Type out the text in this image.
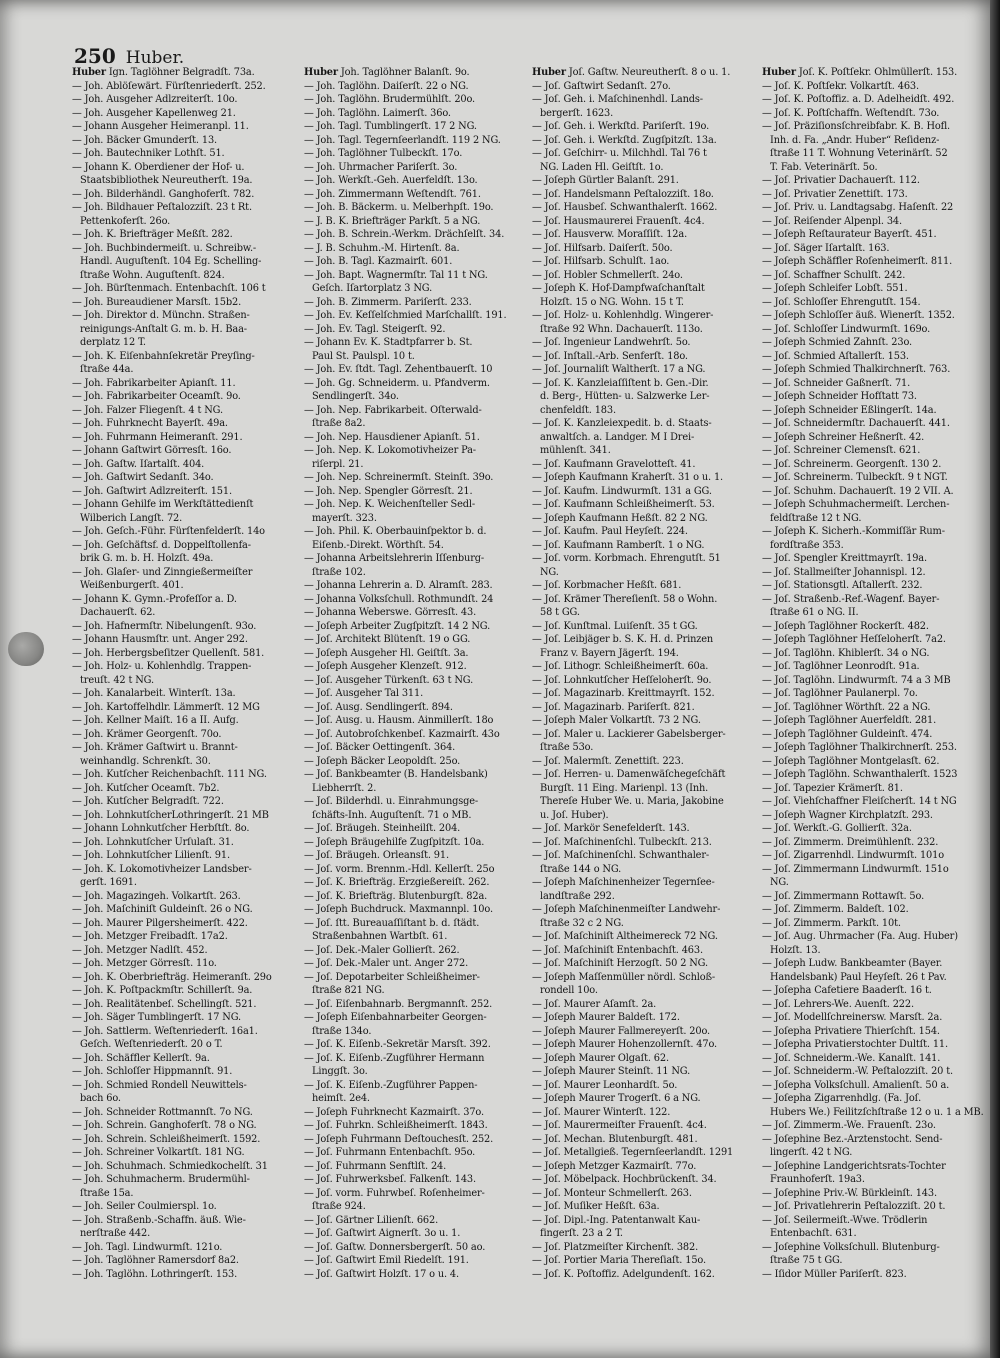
250 Huber.
Huber Ign. Taglöhner Belgradſt. 73a.
— Joh. Ablöſewärt. Fürſtenriederſt. 252.
— Joh. Ausgeher Adlzreiterſt. 10o.
— Joh. Ausgeher Kapellenweg 21.
— Johann Ausgeher Heimeranpl. 11.
— Joh. Bäcker Gmunderſt. 13.
— Joh. Bautechniker Lothſt. 51.
— Johann K. Oberdiener der Hof- u.
Staatsbibliothek Neureutherſt. 19a.
— Joh. Bilderhändl. Ganghoferſt. 782.
— Joh. Bildhauer Peſtalozziſt. 23 t Rt.
Pettenkoferſt. 26o.
— Joh. K. Briefträger Meßſt. 282.
— Joh. Buchbindermeiſt. u. Schreibw.-
Handl. Auguſtenſt. 104 Eg. Schelling-
ſtraße Wohn. Auguſtenſt. 824.
— Joh. Bürſtenmach. Entenbachſt. 106 t
— Joh. Bureaudiener Marsſt. 15b2.
— Joh. Direktor d. Münchn. Straßen-
reinigungs-Anſtalt G. m. b. H. Baa-
derplatz 12 T.
— Joh. K. Eiſenbahnſekretär Preyſing-
ſtraße 44a.
— Joh. Fabrikarbeiter Apianſt. 11.
— Joh. Fabrikarbeiter Oceamſt. 9o.
— Joh. Falzer Fliegenſt. 4 t NG.
— Joh. Fuhrknecht Bayerſt. 49a.
— Joh. Fuhrmann Heimeranſt. 291.
— Johann Gaſtwirt Görresſt. 16o.
— Joh. Gaſtw. Iſartalſt. 404.
— Joh. Gaſtwirt Sedanſt. 34o.
— Joh. Gaſtwirt Adlzreiterſt. 151.
— Johann Gehilfe im Werkſtättedienſt
Wilberich Langſt. 72.
— Joh. Geſch.-Führ. Fürſtenfelderſt. 14o
— Joh. Geſchäftsf. d. Doppelſtollenfa-
brik G. m. b. H. Holzſt. 49a.
— Joh. Glaſer- und Zinngießermeiſter
Weißenburgerſt. 401.
— Johann K. Gymn.-Profeſſor a. D.
Dachauerſt. 62.
— Joh. Hafnermſtr. Nibelungenſt. 93o.
— Johann Hausmſtr. unt. Anger 292.
— Joh. Herbergsbeſitzer Quellenſt. 581.
— Joh. Holz- u. Kohlenhdlg. Trappen-
treuſt. 42 t NG.
— Joh. Kanalarbeit. Winterſt. 13a.
— Joh. Kartoffelhdlr. Lämmerſt. 12 MG
— Joh. Kellner Maiſt. 16 a II. Aufg.
— Joh. Krämer Georgenſt. 70o.
— Joh. Krämer Gaſtwirt u. Brannt-
weinhandlg. Schrenkſt. 30.
— Joh. Kutſcher Reichenbachſt. 111 NG.
— Joh. Kutſcher Oceamſt. 7b2.
— Joh. Kutſcher Belgradſt. 722.
— Joh. LohnkutſcherLothringerſt. 21 MB
— Johann Lohnkutſcher Herbſtſt. 8o.
— Joh. Lohnkutſcher Urſulaſt. 31.
— Joh. Lohnkutſcher Lilienſt. 91.
— Joh. K. Lokomotivheizer Landsber-
gerſt. 1691.
— Joh. Magazingeh. Volkartſt. 263.
— Joh. Maſchiniſt Guldeinſt. 26 o NG.
— Joh. Maurer Pilgersheimerſt. 422.
— Joh. Metzger Freibadſt. 17a2.
— Joh. Metzger Nadlſt. 452.
— Joh. Metzger Görresſt. 11o.
— Joh. K. Oberbriefträg. Heimeranſt. 29o
— Joh. K. Poſtpackmſtr. Schillerſt. 9a.
— Joh. Realitätenbeſ. Schellingſt. 521.
— Joh. Säger Tumblingerſt. 17 NG.
— Joh. Sattlerm. Weſtenriederſt. 16a1.
Geſch. Weſtenriederſt. 20 o T.
— Joh. Schäffler Kellerſt. 9a.
— Joh. Schloſſer Hippmannſt. 91.
— Joh. Schmied Rondell Neuwittels-
bach 6o.
— Joh. Schneider Rottmannſt. 7o NG.
— Joh. Schrein. Ganghoferſt. 78 o NG.
— Joh. Schrein. Schleißheimerſt. 1592.
— Joh. Schreiner Volkartſt. 181 NG.
— Joh. Schuhmach. Schmiedkochelſt. 31
— Joh. Schuhmacherm. Brudermühl-
ſtraße 15a.
— Joh. Seiler Coulmierspl. 1o.
— Joh. Straßenb.-Schaffn. äuß. Wie-
nerſtraße 442.
— Joh. Tagl. Lindwurmſt. 121o.
— Joh. Taglöhner Ramersdorf 8a2.
— Joh. Taglöhn. Lothringerſt. 153.
Huber Joh. Taglöhner Balanſt. 9o.
— Joh. Taglöhn. Daiſerſt. 22 o NG.
— Joh. Taglöhn. Brudermühlſt. 20o.
— Joh. Taglöhn. Laimerſt. 36o.
— Joh. Tagl. Tumblingerſt. 17 2 NG.
— Joh. Tagl. Tegernſeerlandſt. 119 2 NG.
— Joh. Taglöhner Tulbeckſt. 17o.
— Joh. Uhrmacher Pariſerſt. 3o.
— Joh. Werkſt.-Geh. Auerfeldſt. 13o.
— Joh. Zimmermann Weſtendſt. 761.
— Joh. B. Bäckerm. u. Melberhpſt. 19o.
— J. B. K. Briefträger Parkſt. 5 a NG.
— Joh. B. Schrein.-Werkm. Drächſelſt. 34.
— J. B. Schuhm.-M. Hirtenſt. 8a.
— Joh. B. Tagl. Kazmairſt. 601.
— Joh. Bapt. Wagnermſtr. Tal 11 t NG.
Geſch. Iſartorplatz 3 NG.
— Joh. B. Zimmerm. Pariſerſt. 233.
— Joh. Ev. Keſſelſchmied Marſchallſt. 191.
— Joh. Ev. Tagl. Steigerſt. 92.
— Johann Ev. K. Stadtpfarrer b. St.
Paul St. Paulspl. 10 t.
— Joh. Ev. ſtdt. Tagl. Zehentbauerſt. 10
— Joh. Gg. Schneiderm. u. Pfandverm.
Sendlingerſt. 34o.
— Joh. Nep. Fabrikarbeit. Oſterwald-
ſtraße 8a2.
— Joh. Nep. Hausdiener Apianſt. 51.
— Joh. Nep. K. Lokomotivheizer Pa-
riſerpl. 21.
— Joh. Nep. Schreinermſt. Steinſt. 39o.
— Joh. Nep. Spengler Görresſt. 21.
— Joh. Nep. K. Weichenſteller Sedl-
mayerſt. 323.
— Joh. Phil. K. Oberbauinſpektor b. d.
Eiſenb.-Direkt. Wörthſt. 54.
— Johanna Arbeitslehrerin Iſſenburg-
ſtraße 102.
— Johanna Lehrerin a. D. Alramſt. 283.
— Johanna Volksſchull. Rothmundſt. 24
— Johanna Weberswe. Görresſt. 43.
— Joſeph Arbeiter Zugſpitzſt. 14 2 NG.
— Joſ. Architekt Blütenſt. 19 o GG.
— Joſeph Ausgeher Hl. Geiſtſt. 3a.
— Joſeph Ausgeher Klenzeſt. 912.
— Joſ. Ausgeher Türkenſt. 63 t NG.
— Joſ. Ausgeher Tal 311.
— Joſ. Ausg. Sendlingerſt. 894.
— Joſ. Ausg. u. Hausm. Ainmillerſt. 18o
— Joſ. Autobroſchkenbeſ. Kazmairſt. 43o
— Joſ. Bäcker Oettingenſt. 364.
— Joſeph Bäcker Leopoldſt. 25o.
— Joſ. Bankbeamter (B. Handelsbank)
Liebherrſt. 2.
— Joſ. Bilderhdl. u. Einrahmungsge-
ſchäfts-Inh. Auguſtenſt. 71 o MB.
— Joſ. Bräugeh. Steinheilſt. 204.
— Joſeph Bräugehilfe Zugſpitzſt. 10a.
— Joſ. Bräugeh. Orleansſt. 91.
— Joſ. vorm. Brennm.-Hdl. Kellerſt. 25o
— Joſ. K. Briefträg. Erzgießereiſt. 262.
— Joſ. K. Briefträg. Blutenburgſt. 82a.
— Joſeph Buchdruck. Maxmannpl. 10o.
— Joſ. ſtt. Bureauaſſiſtant b. d. ſtädt.
Straßenbahnen Wartbſt. 61.
— Joſ. Dek.-Maler Gollierſt. 262.
— Joſ. Dek.-Maler unt. Anger 272.
— Joſ. Depotarbeiter Schleißheimer-
ſtraße 821 NG.
— Joſ. Eiſenbahnarb. Bergmannſt. 252.
— Joſeph Eiſenbahnarbeiter Georgen-
ſtraße 134o.
— Joſ. K. Eiſenb.-Sekretär Marsſt. 392.
— Joſ. K. Eiſenb.-Zugführer Hermann
Linggſt. 3o.
— Joſ. K. Eiſenb.-Zugführer Pappen-
heimſt. 2e4.
— Joſeph Fuhrknecht Kazmairſt. 37o.
— Joſ. Fuhrkn. Schleißheimerſt. 1843.
— Joſeph Fuhrmann Deſtouchesſt. 252.
— Joſ. Fuhrmann Entenbachſt. 95o.
— Joſ. Fuhrmann Senftlſt. 24.
— Joſ. Fuhrwerksbeſ. Falkenſt. 143.
— Joſ. vorm. Fuhrwbeſ. Roſenheimer-
ſtraße 924.
— Joſ. Gärtner Lilienſt. 662.
— Joſ. Gaſtwirt Aignerſt. 3o u. 1.
— Joſ. Gaſtw. Donnersbergerſt. 50 ao.
— Joſ. Gaſtwirt Emil Riedelſt. 191.
— Joſ. Gaſtwirt Holzſt. 17 o u. 4.
Huber Joſ. Gaſtw. Neureutherſt. 8 o u. 1.
— Joſ. Gaſtwirt Sedanſt. 27o.
— Joſ. Geh. i. Maſchinenhdl. Lands-
bergerſt. 1623.
— Joſ. Geh. i. Werkſtd. Pariſerſt. 19o.
— Joſ. Geh. i. Werkſtd. Zugſpitzſt. 13a.
— Joſ. Geſchirr- u. Milchhdl. Tal 76 t
NG. Laden Hl. Geiſtſt. 1o.
— Joſeph Gürtler Balanſt. 291.
— Joſ. Handelsmann Peſtalozziſt. 18o.
— Joſ. Hausbeſ. Schwanthalerſt. 1662.
— Joſ. Hausmaurerei Frauenſt. 4c4.
— Joſ. Hausverw. Moraſſiſt. 12a.
— Joſ. Hilfsarb. Daiſerſt. 50o.
— Joſ. Hilfsarb. Schulſt. 1ao.
— Joſ. Hobler Schmellerſt. 24o.
— Joſeph K. Hof-Dampfwaſchanſtalt
Holzſt. 15 o NG. Wohn. 15 t T.
— Joſ. Holz- u. Kohlenhdlg. Wingerer-
ſtraße 92 Whn. Dachauerſt. 113o.
— Joſ. Ingenieur Landwehrſt. 5o.
— Joſ. Inſtall.-Arb. Senferſt. 18o.
— Joſ. Journaliſt Waltherſt. 17 a NG.
— Joſ. K. Kanzleiaſſiſtent b. Gen.-Dir.
d. Berg-, Hütten- u. Salzwerke Ler-
chenfeldſt. 183.
— Joſ. K. Kanzleiexpedit. b. d. Staats-
anwaltſch. a. Landger. M I Drei-
mühlenſt. 341.
— Joſ. Kaufmann Gravelotteſt. 41.
— Joſeph Kaufmann Kraherſt. 31 o u. 1.
— Joſ. Kaufm. Lindwurmſt. 131 a GG.
— Joſ. Kaufmann Schleißheimerſt. 53.
— Joſeph Kaufmann Heßſt. 82 2 NG.
— Joſ. Kaufm. Paul Heyſeſt. 224.
— Joſ. Kaufmann Ramberſt. 1 o NG.
— Joſ. vorm. Korbmach. Ehrengutſt. 51
NG.
— Joſ. Korbmacher Heßſt. 681.
— Joſ. Krämer Thereſienſt. 58 o Wohn.
58 t GG.
— Joſ. Kunſtmal. Luiſenſt. 35 t GG.
— Joſ. Leibjäger b. S. K. H. d. Prinzen
Franz v. Bayern Jägerſt. 194.
— Joſ. Lithogr. Schleißheimerſt. 60a.
— Joſ. Lohnkutſcher Heſſeloherſt. 9o.
— Joſ. Magazinarb. Kreittmayrſt. 152.
— Joſ. Magazinarb. Pariſerſt. 821.
— Joſeph Maler Volkartſt. 73 2 NG.
— Joſ. Maler u. Lackierer Gabelsberger-
ſtraße 53o.
— Joſ. Malermſt. Zenettiſt. 223.
— Joſ. Herren- u. Damenwäſchegeſchäft
Burgſt. 11 Eing. Marienpl. 13 (Inh.
Thereſe Huber We. u. Maria, Jakobine
u. Joſ. Huber).
— Joſ. Markör Senefelderſt. 143.
— Joſ. Maſchinenſchl. Tulbeckſt. 213.
— Joſ. Maſchinenſchl. Schwanthaler-
ſtraße 144 o NG.
— Joſeph Maſchinenheizer Tegernſee-
landſtraße 292.
— Joſeph Maſchinenmeiſter Landwehr-
ſtraße 32 c 2 NG.
— Joſ. Maſchiniſt Altheimereck 72 NG.
— Joſ. Maſchiniſt Entenbachſt. 463.
— Joſ. Maſchiniſt Herzogſt. 50 2 NG.
— Joſeph Maſſenmüller nördl. Schloß-
rondell 10o.
— Joſ. Maurer Aſamſt. 2a.
— Joſeph Maurer Baldeſt. 172.
— Joſeph Maurer Fallmereyerſt. 20o.
— Joſeph Maurer Hohenzollernſt. 47o.
— Joſeph Maurer Olgaſt. 62.
— Joſeph Maurer Steinſt. 11 NG.
— Joſ. Maurer Leonhardſt. 5o.
— Joſeph Maurer Trogerſt. 6 a NG.
— Joſ. Maurer Winterſt. 122.
— Joſ. Maurermeiſter Frauenſt. 4c4.
— Joſ. Mechan. Blutenburgſt. 481.
— Joſ. Metallgieß. Tegernſeerlandſt. 1291
— Joſeph Metzger Kazmairſt. 77o.
— Joſ. Möbelpack. Hochbrückenſt. 34.
— Joſ. Monteur Schmellerſt. 263.
— Joſ. Muſiker Heßſt. 63a.
— Joſ. Dipl.-Ing. Patentanwalt Kau-
fingerſt. 23 a 2 T.
— Joſ. Platzmeiſter Kirchenſt. 382.
— Joſ. Portier Maria Thereſiaſt. 15o.
— Joſ. K. Poſtoffiz. Adelgundenſt. 162.
Huber Joſ. K. Poſtſekr. Ohlmüllerſt. 153.
— Joſ. K. Poſtſekr. Volkartſt. 463.
— Joſ. K. Poſtoffiz. a. D. Adelheidſt. 492.
— Joſ. K. Poſtſchaffn. Weſtendſt. 73o.
— Joſ. Präziſionsſchreibfabr. K. B. Hofl.
Inh. d. Fa. „Andr. Huber“ Reſidenz-
ſtraße 11 T. Wohnung Veterinärſt. 52
T. Fab. Veterinärſt. 5o.
— Joſ. Privatier Dachauerſt. 112.
— Joſ. Privatier Zenettiſt. 173.
— Joſ. Priv. u. Landtagsabg. Haſenſt. 22
— Joſ. Reiſender Alpenpl. 34.
— Joſeph Reſtaurateur Bayerſt. 451.
— Joſ. Säger Iſartalſt. 163.
— Joſeph Schäffler Roſenheimerſt. 811.
— Joſ. Schaffner Schulſt. 242.
— Joſeph Schleifer Lobſt. 551.
— Joſ. Schloſſer Ehrengutſt. 154.
— Joſeph Schloſſer äuß. Wienerſt. 1352.
— Joſ. Schloſſer Lindwurmſt. 169o.
— Joſeph Schmied Zahnſt. 23o.
— Joſ. Schmied Aſtallerſt. 153.
— Joſeph Schmied Thalkirchnerſt. 763.
— Joſ. Schneider Gaßnerſt. 71.
— Joſeph Schneider Hofſtatt 73.
— Joſeph Schneider Eßlingerſt. 14a.
— Joſ. Schneidermſtr. Dachauerſt. 441.
— Joſeph Schreiner Heßnerſt. 42.
— Joſ. Schreiner Clemensſt. 621.
— Joſ. Schreinerm. Georgenſt. 130 2.
— Joſ. Schreinerm. Tulbeckſt. 9 t NGT.
— Joſ. Schuhm. Dachauerſt. 19 2 VII. A.
— Joſeph Schuhmachermeiſt. Lerchen-
feldſtraße 12 t NG.
— Joſeph K. Sicherh.-Kommiſſär Rum-
fordſtraße 353.
— Joſ. Spengler Kreittmayrſt. 19a.
— Joſ. Stallmeiſter Johannispl. 12.
— Joſ. Stationsgtl. Aſtallerſt. 232.
— Joſ. Straßenb.-Ref.-Wagenf. Bayer-
ſtraße 61 o NG. II.
— Joſeph Taglöhner Rockerſt. 482.
— Joſeph Taglöhner Heſſeloherſt. 7a2.
— Joſ. Taglöhn. Khiblerſt. 34 o NG.
— Joſ. Taglöhner Leonrodſt. 91a.
— Joſ. Taglöhn. Lindwurmſt. 74 a 3 MB
— Joſ. Taglöhner Paulanerpl. 7o.
— Joſ. Taglöhner Wörthſt. 22 a NG.
— Joſeph Taglöhner Auerfeldſt. 281.
— Joſeph Taglöhner Guldeinſt. 474.
— Joſeph Taglöhner Thalkirchnerſt. 253.
— Joſeph Taglöhner Montgelasſt. 62.
— Joſeph Taglöhn. Schwanthalerſt. 1523
— Joſ. Tapezier Krämerſt. 81.
— Joſ. Viehſchaffner Fleiſcherſt. 14 t NG
— Joſeph Wagner Kirchplatzſt. 293.
— Joſ. Werkſt.-G. Gollierſt. 32a.
— Joſ. Zimmerm. Dreimühlenſt. 232.
— Joſ. Zigarrenhdl. Lindwurmſt. 101o
— Joſ. Zimmermann Lindwurmſt. 151o
NG.
— Joſ. Zimmermann Rottawſt. 5o.
— Joſ. Zimmerm. Baldeſt. 102.
— Joſ. Zimmerm. Parkſt. 10t.
— Joſ. Aug. Uhrmacher (Fa. Aug. Huber)
Holzſt. 13.
— Joſeph Ludw. Bankbeamter (Bayer.
Handelsbank) Paul Heyſeſt. 26 t Pav.
— Joſepha Cafetiere Baaderſt. 16 t.
— Joſ. Lehrers-We. Auenſt. 222.
— Joſ. Modellſchreinersw. Marsſt. 2a.
— Joſepha Privatiere Thierſchſt. 154.
— Joſepha Privatierstochter Dultſt. 11.
— Joſ. Schneiderm.-We. Kanalſt. 141.
— Joſ. Schneiderm.-W. Peſtalozziſt. 20 t.
— Joſepha Volksſchull. Amalienſt. 50 a.
— Joſepha Zigarrenhdlg. (Fa. Joſ.
Hubers We.) Feilitzſchſtraße 12 o u. 1 a MB.
— Joſ. Zimmerm.-We. Frauenſt. 23o.
— Joſephine Bez.-Arztenstocht. Send-
lingerſt. 42 t NG.
— Joſephine Landgerichtsrats-Tochter
Fraunhoferſt. 19a3.
— Joſephine Priv.-W. Bürkleinſt. 143.
— Joſ. Privatlehrerin Peſtalozziſt. 20 t.
— Joſ. Seilermeiſt.-Wwe. Trödlerin
Entenbachſt. 631.
— Joſephine Volksſchull. Blutenburg-
ſtraße 75 t GG.
— Iſidor Müller Pariſerſt. 823.
